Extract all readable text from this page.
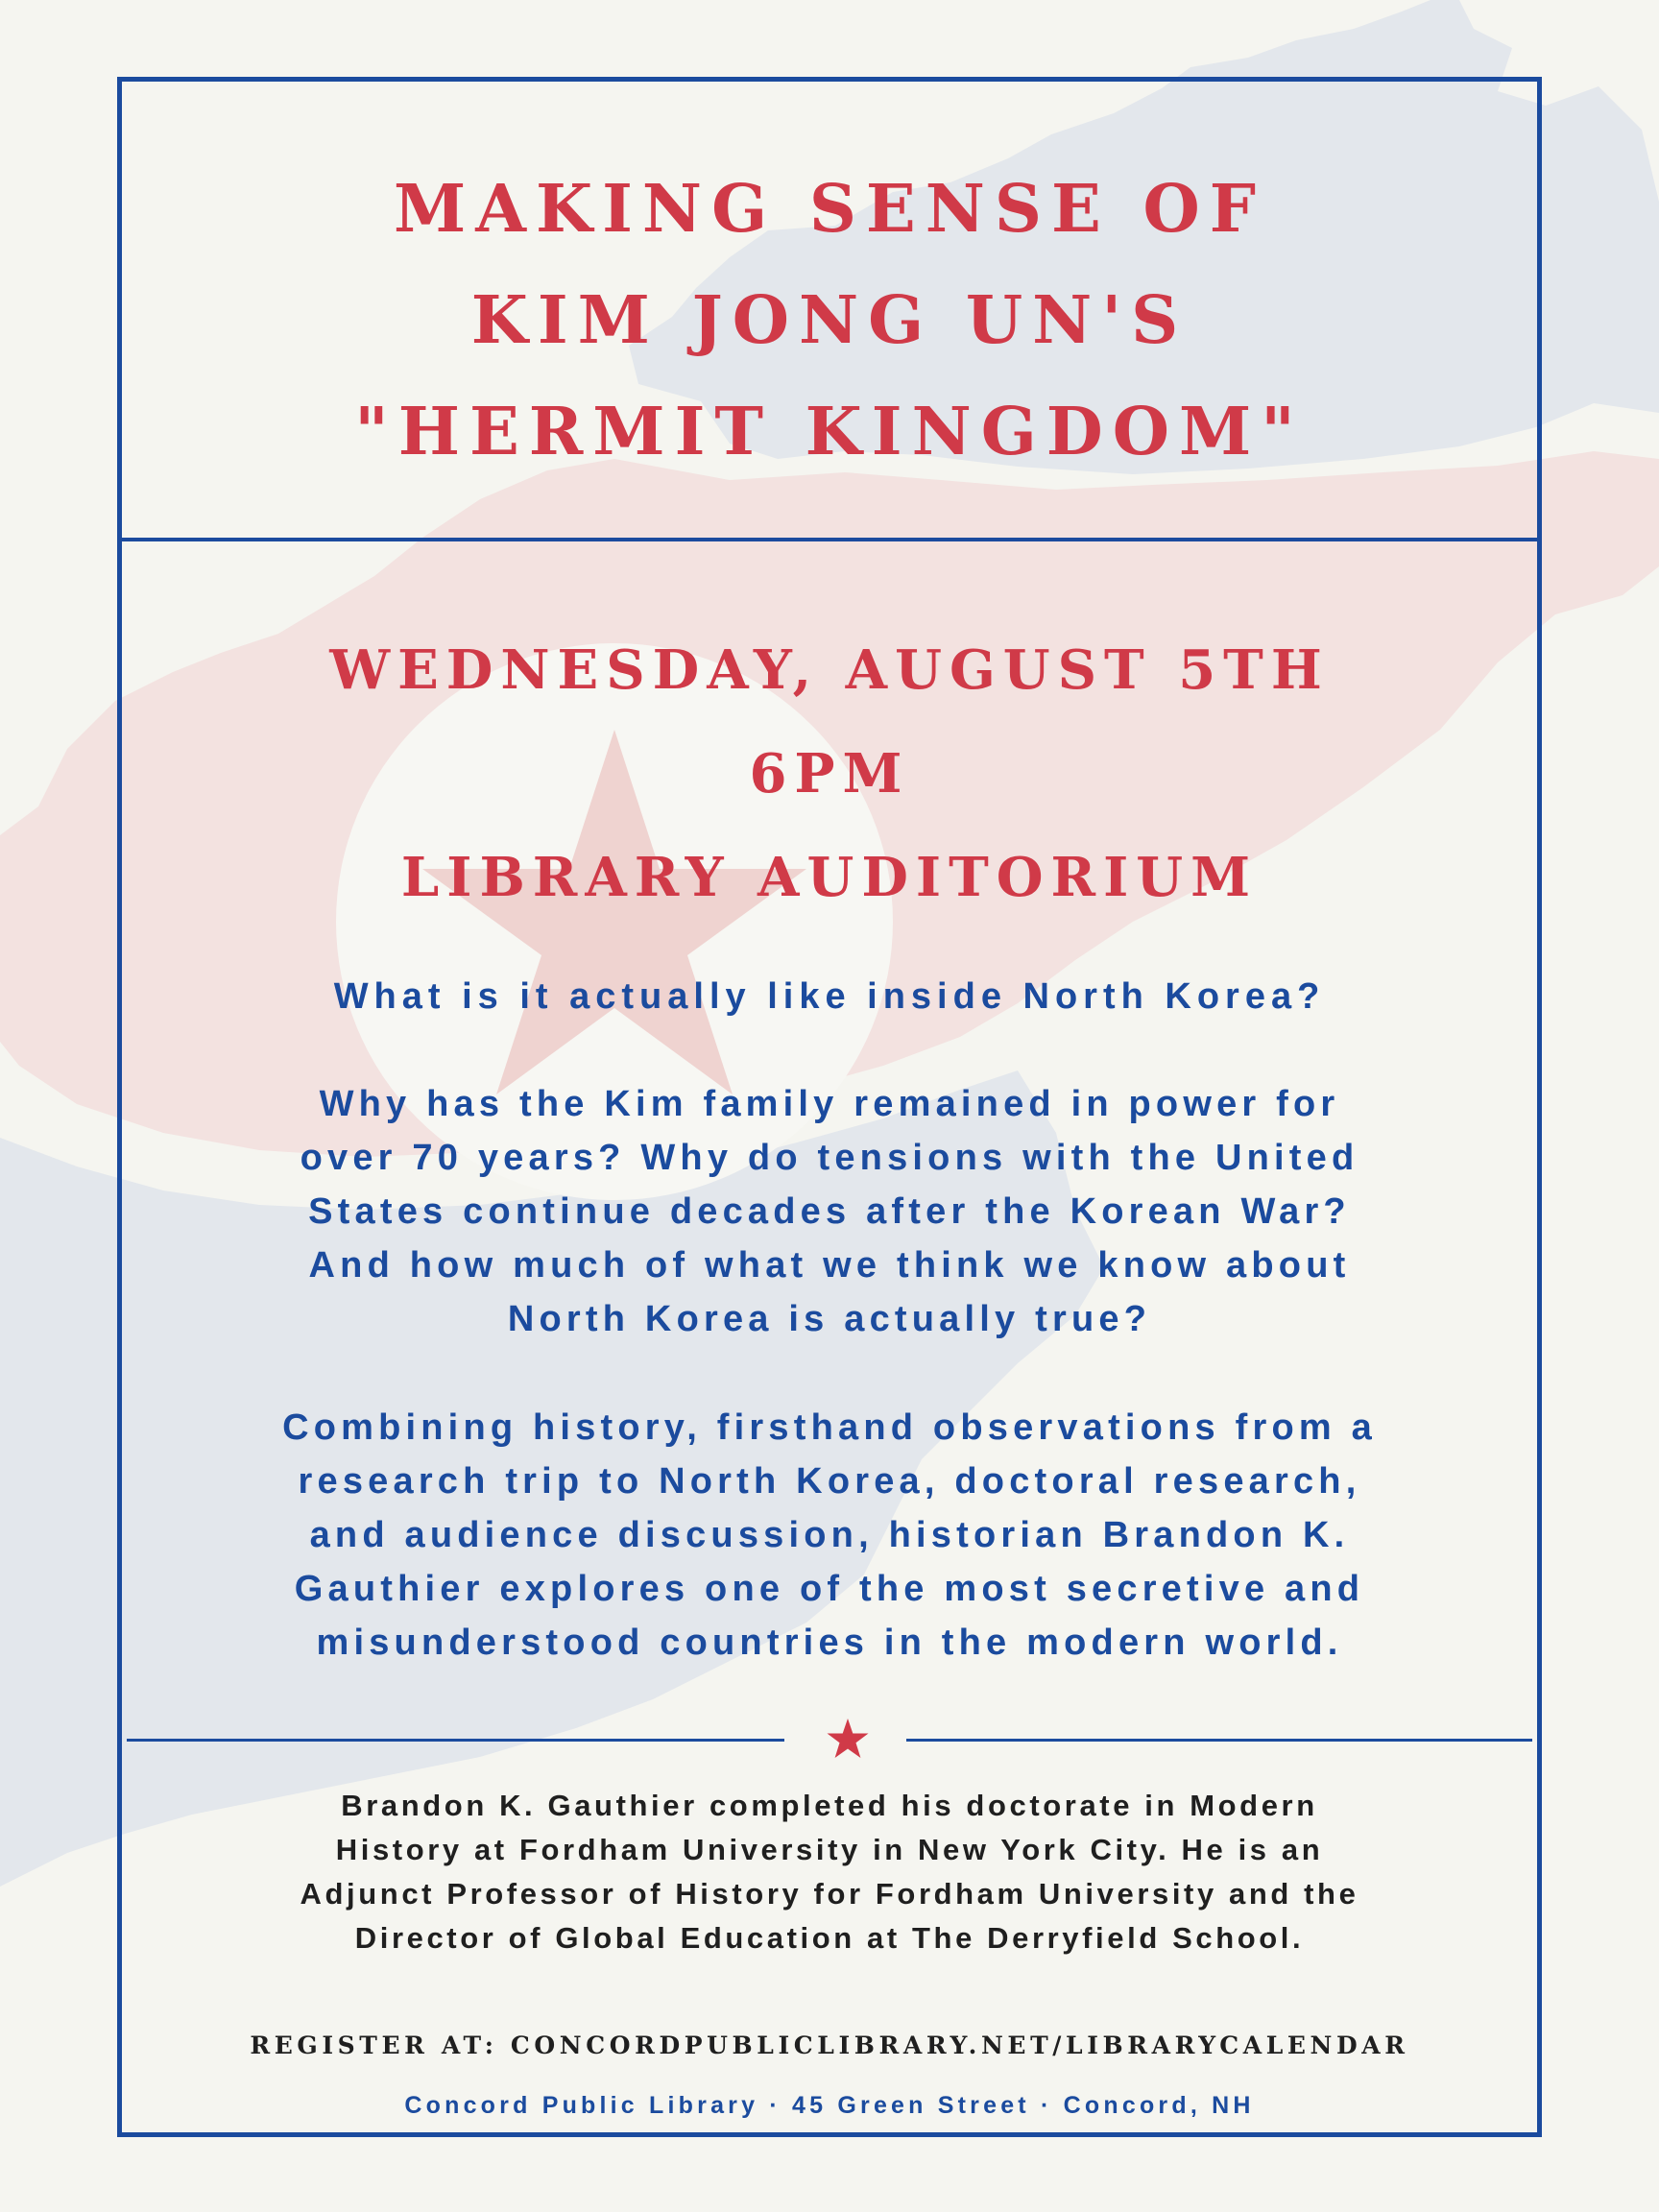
MAKING SENSE OF
KIM JONG UN'S
"HERMIT KINGDOM"
WEDNESDAY, AUGUST 5TH
6PM
LIBRARY AUDITORIUM
What is it actually like inside North Korea?
Why has the Kim family remained in power for
over 70 years? Why do tensions with the United
States continue decades after the Korean War?
And how much of what we think we know about
North Korea is actually true?
Combining history, firsthand observations from a
research trip to North Korea, doctoral research,
and audience discussion, historian Brandon K.
Gauthier explores one of the most secretive and
misunderstood countries in the modern world.
Brandon K. Gauthier completed his doctorate in Modern
History at Fordham University in New York City. He is an
Adjunct Professor of History for Fordham University and the
Director of Global Education at The Derryfield School.
REGISTER AT: CONCORDPUBLICLIBRARY.NET/LIBRARYCALENDAR
Concord Public Library · 45 Green Street · Concord, NH
